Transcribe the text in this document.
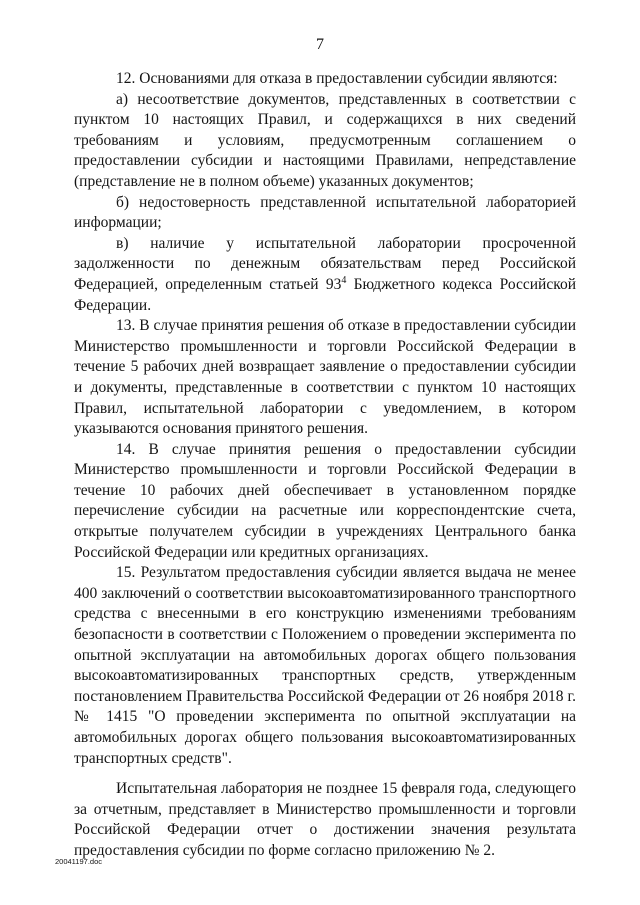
7

12. Основаниями для отказа в предоставлении субсидии являются:

а) несоответствие документов, представленных в соответствии с пунктом 10 настоящих Правил, и содержащихся в них сведений требованиям и условиям, предусмотренным соглашением о предоставлении субсидии и настоящими Правилами, непредставление (представление не в полном объеме) указанных документов;

б) недостоверность представленной испытательной лабораторией информации;

в) наличие у испытательной лаборатории просроченной задолженности по денежным обязательствам перед Российской Федерацией, определенным статьей $93^4$ Бюджетного кодекса Российской Федерации.

13. В случае принятия решения об отказе в предоставлении субсидии Министерство промышленности и торговли Российской Федерации в течение 5 рабочих дней возвращает заявление о предоставлении субсидии и документы, представленные в соответствии с пунктом 10 настоящих Правил, испытательной лаборатории с уведомлением, в котором указываются основания принятого решения.

14. В случае принятия решения о предоставлении субсидии Министерство промышленности и торговли Российской Федерации в течение 10 рабочих дней обеспечивает в установленном порядке перечисление субсидии на расчетные или корреспондентские счета, открытые получателем субсидии в учреждениях Центрального банка Российской Федерации или кредитных организациях.

15. Результатом предоставления субсидии является выдача не менее 400 заключений о соответствии высокоавтоматизированного транспортного средства с внесенными в его конструкцию изменениями требованиям безопасности в соответствии с Положением о проведении эксперимента по опытной эксплуатации на автомобильных дорогах общего пользования высокоавтоматизированных транспортных средств, утвержденным постановлением Правительства Российской Федерации от 26 ноября 2018 г. № 1415 "О проведении эксперимента по опытной эксплуатации на автомобильных дорогах общего пользования высокоавтоматизированных транспортных средств".

Испытательная лаборатория не позднее 15 февраля года, следующего за отчетным, представляет в Министерство промышленности и торговли Российской Федерации отчет о достижении значения результата предоставления субсидии по форме согласно приложению № 2.

20041197.doc
